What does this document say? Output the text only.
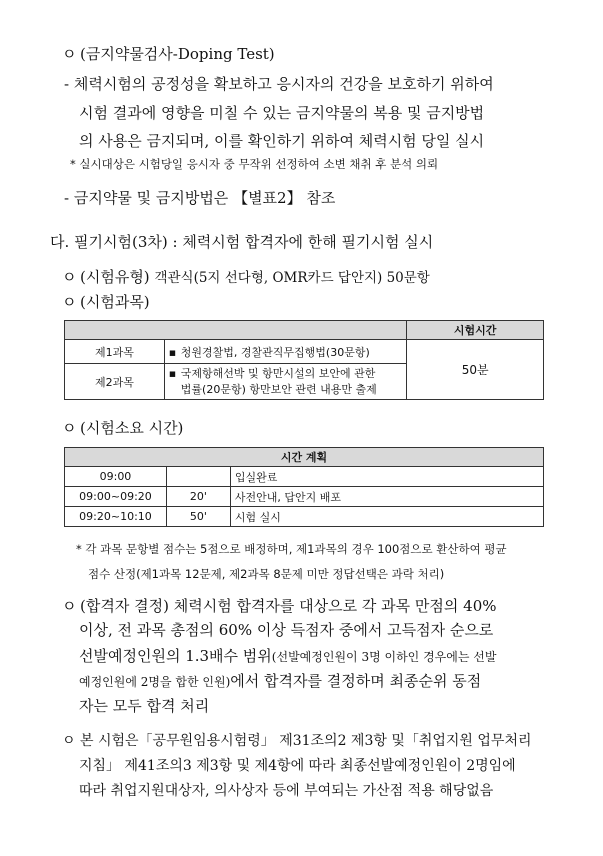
ㅇ (금지약물검사-Doping Test)
- 체력시험의 공정성을 확보하고 응시자의 건강을 보호하기 위하여
시험 결과에 영향을 미칠 수 있는 금지약물의 복용 및 금지방법
의 사용은 금지되며, 이를 확인하기 위하여 체력시험 당일 실시
* 실시대상은 시험당일 응시자 중 무작위 선정하여 소변 채취 후 분석 의뢰
- 금지약물 및 금지방법은 【별표2】 참조
다. 필기시험(3차) : 체력시험 합격자에 한해 필기시험 실시
ㅇ (시험유형) 객관식(5지 선다형, OMR카드 답안지) 50문항
ㅇ (시험과목)
		시험시간
제1과목	▪ 청원경찰법, 경찰관직무집행법(30문항)	50분
제2과목	▪ 국제항해선박 및 항만시설의 보안에 관한
법률(20문항) 항만보안 관련 내용만 출제	
ㅇ (시험소요 시간)
시간 계획		
09:00		입실완료
09:00~09:20	20'	사전안내, 답안지 배포
09:20~10:10	50'	시험 실시
* 각 과목 문항별 점수는 5점으로 배정하며, 제1과목의 경우 100점으로 환산하여 평균
점수 산정(제1과목 12문제, 제2과목 8문제 미만 정답선택은 과락 처리)
ㅇ (합격자 결정) 체력시험 합격자를 대상으로 각 과목 만점의 40%
이상, 전 과목 총점의 60% 이상 득점자 중에서 고득점자 순으로
선발예정인원의 1.3배수 범위(선발예정인원이 3명 이하인 경우에는 선발
예정인원에 2명을 합한 인원)에서 합격자를 결정하며 최종순위 동점
자는 모두 합격 처리
ㅇ 본 시험은「공무원임용시험령」 제31조의2 제3항 및「취업지원 업무처리
지침」 제41조의3 제3항 및 제4항에 따라 최종선발예정인원이 2명임에
따라 취업지원대상자, 의사상자 등에 부여되는 가산점 적용 해당없음
